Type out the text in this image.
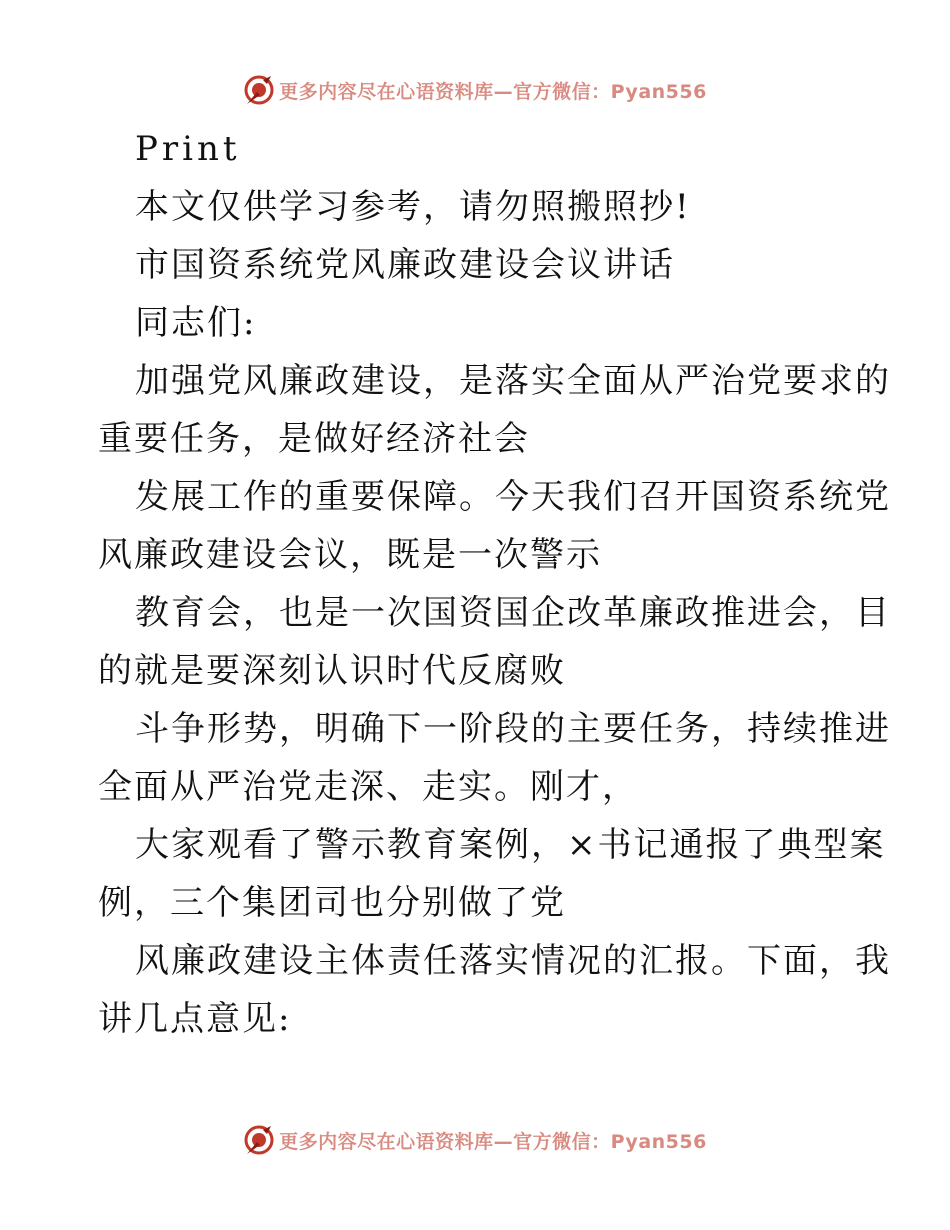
更多内容尽在心语资料库—官方微信：Pyan556
Print
本文仅供学习参考，请勿照搬照抄!
市国资系统党风廉政建设会议讲话
同志们:
加强党风廉政建设，是落实全面从严治党要求的
重要任务，是做好经济社会
发展工作的重要保障。今天我们召开国资系统党
风廉政建设会议，既是一次警示
教育会，也是一次国资国企改革廉政推进会，目
的就是要深刻认识时代反腐败
斗争形势，明确下一阶段的主要任务，持续推进
全面从严治党走深、走实。刚才，
大家观看了警示教育案例，×书记通报了典型案
例，三个集团司也分别做了党
风廉政建设主体责任落实情况的汇报。下面，我
讲几点意见:
更多内容尽在心语资料库—官方微信：Pyan556
